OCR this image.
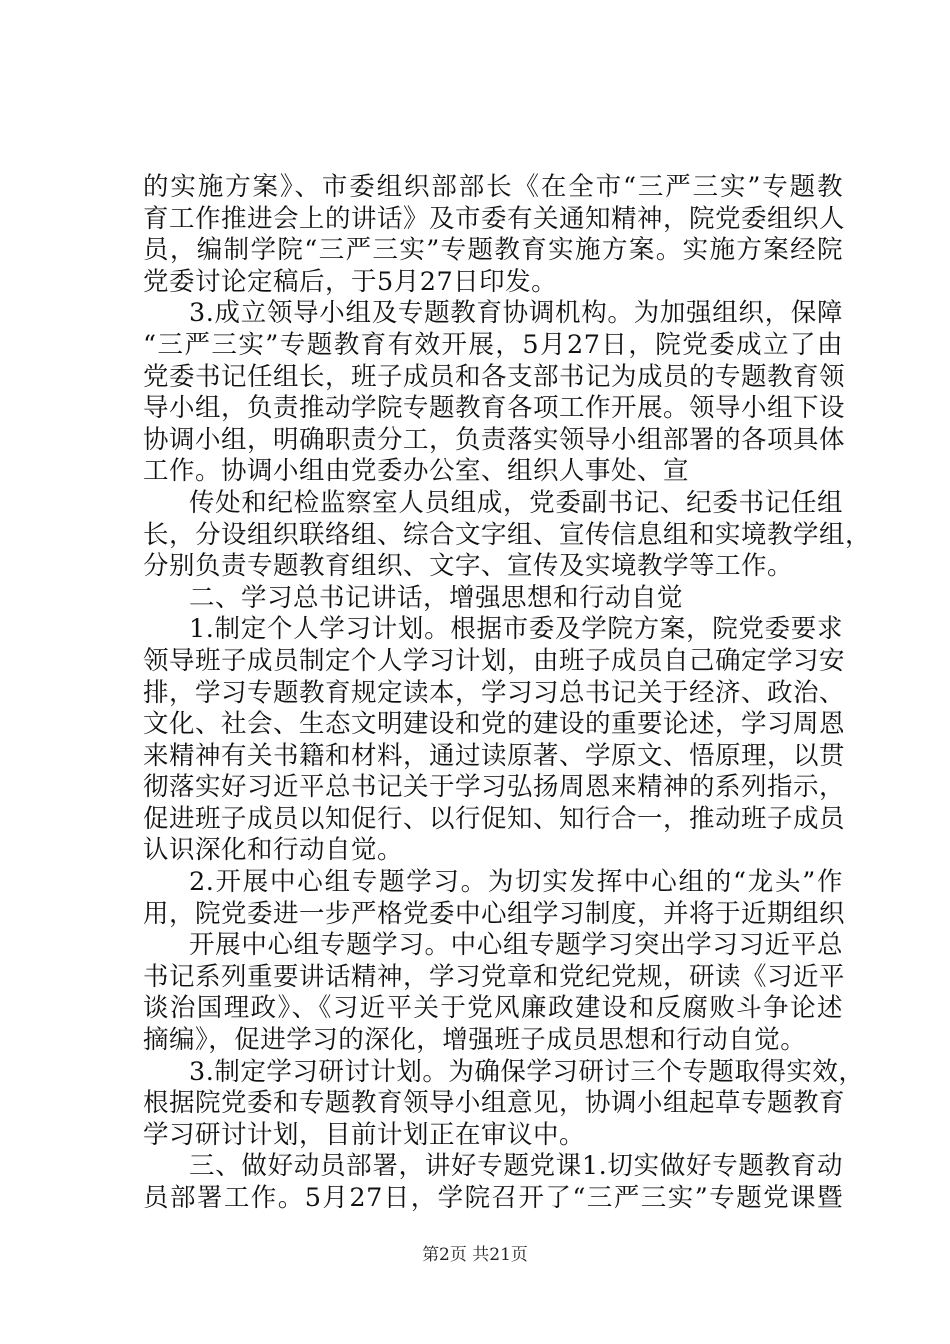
的实施方案》、市委组织部部长《在全市“三严三实”专题教
育工作推进会上的讲话》及市委有关通知精神，院党委组织人
员，编制学院“三严三实”专题教育实施方案。实施方案经院
党委讨论定稿后，于5月27日印发。
3.成立领导小组及专题教育协调机构。为加强组织，保障
“三严三实”专题教育有效开展，5月27日，院党委成立了由
党委书记任组长，班子成员和各支部书记为成员的专题教育领
导小组，负责推动学院专题教育各项工作开展。领导小组下设
协调小组，明确职责分工，负责落实领导小组部署的各项具体
工作。协调小组由党委办公室、组织人事处、宣
传处和纪检监察室人员组成，党委副书记、纪委书记任组
长，分设组织联络组、综合文字组、宣传信息组和实境教学组，
分别负责专题教育组织、文字、宣传及实境教学等工作。
二、学习总书记讲话，增强思想和行动自觉
1.制定个人学习计划。根据市委及学院方案，院党委要求
领导班子成员制定个人学习计划，由班子成员自己确定学习安
排，学习专题教育规定读本，学习习总书记关于经济、政治、
文化、社会、生态文明建设和党的建设的重要论述，学习周恩
来精神有关书籍和材料，通过读原著、学原文、悟原理，以贯
彻落实好习近平总书记关于学习弘扬周恩来精神的系列指示，
促进班子成员以知促行、以行促知、知行合一，推动班子成员
认识深化和行动自觉。
2.开展中心组专题学习。为切实发挥中心组的“龙头”作
用，院党委进一步严格党委中心组学习制度，并将于近期组织
开展中心组专题学习。中心组专题学习突出学习习近平总
书记系列重要讲话精神，学习党章和党纪党规，研读《习近平
谈治国理政》、《习近平关于党风廉政建设和反腐败斗争论述
摘编》，促进学习的深化，增强班子成员思想和行动自觉。
3.制定学习研讨计划。为确保学习研讨三个专题取得实效，
根据院党委和专题教育领导小组意见，协调小组起草专题教育
学习研讨计划，目前计划正在审议中。
三、做好动员部署，讲好专题党课1.切实做好专题教育动
员部署工作。5月27日，学院召开了“三严三实”专题党课暨
第2页 共21页
